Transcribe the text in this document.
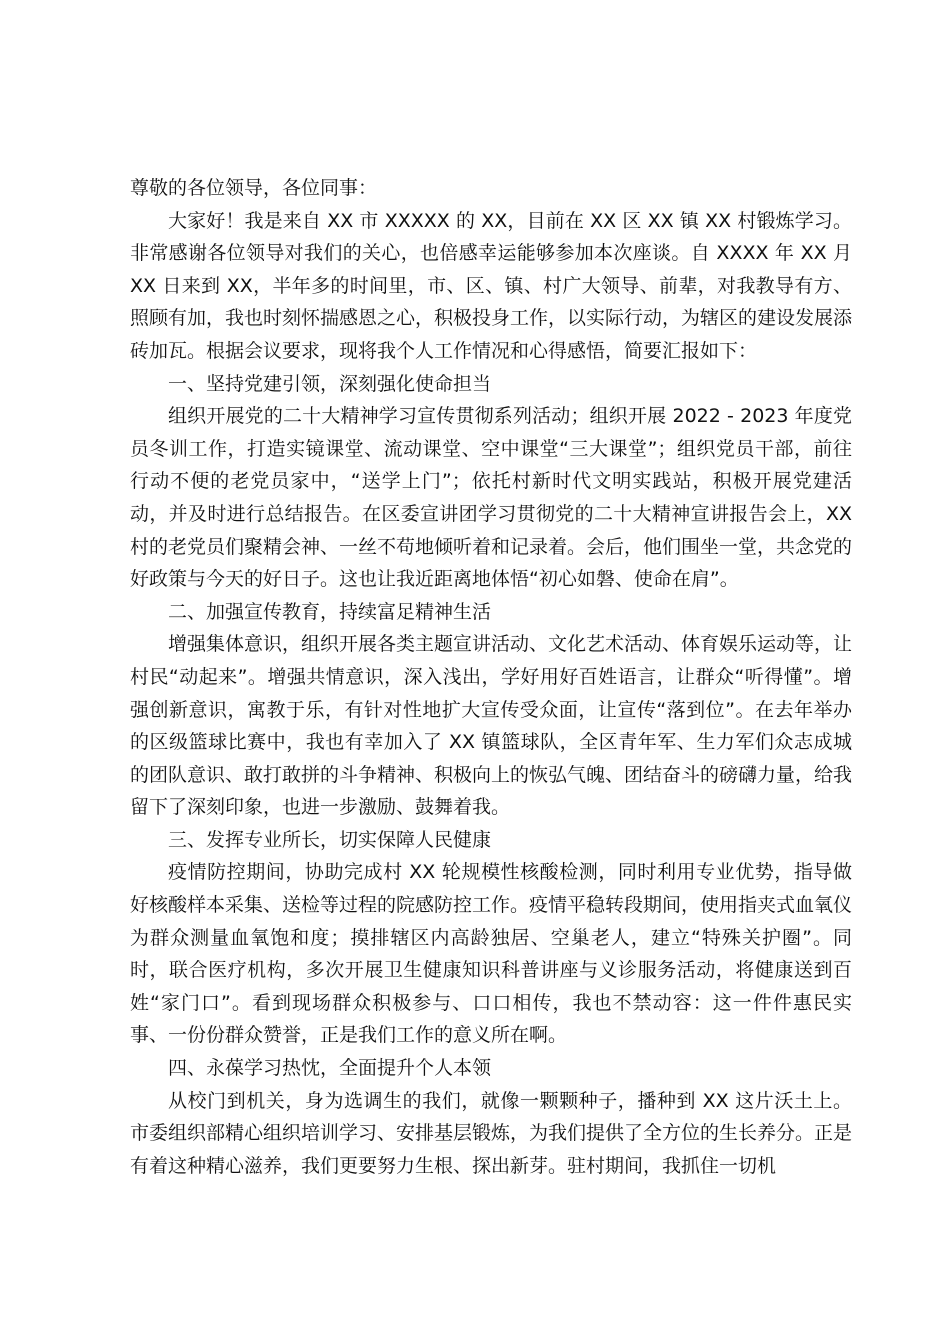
尊敬的各位领导，各位同事：

大家好！我是来自 XX 市 XXXXX 的 XX，目前在 XX 区 XX 镇 XX 村锻炼学习。非常感谢各位领导对我们的关心，也倍感幸运能够参加本次座谈。自 XXXX 年 XX 月 XX 日来到 XX，半年多的时间里，市、区、镇、村广大领导、前辈，对我教导有方、照顾有加，我也时刻怀揣感恩之心，积极投身工作，以实际行动，为辖区的建设发展添砖加瓦。根据会议要求，现将我个人工作情况和心得感悟，简要汇报如下：

一、坚持党建引领，深刻强化使命担当

组织开展党的二十大精神学习宣传贯彻系列活动；组织开展 2022 - 2023 年度党员冬训工作，打造实镜课堂、流动课堂、空中课堂“三大课堂”；组织党员干部，前往行动不便的老党员家中，“送学上门”；依托村新时代文明实践站，积极开展党建活动，并及时进行总结报告。在区委宣讲团学习贯彻党的二十大精神宣讲报告会上，XX 村的老党员们聚精会神、一丝不苟地倾听着和记录着。会后，他们围坐一堂，共念党的好政策与今天的好日子。这也让我近距离地体悟“初心如磐、使命在肩”。

二、加强宣传教育，持续富足精神生活

增强集体意识，组织开展各类主题宣讲活动、文化艺术活动、体育娱乐运动等，让村民“动起来”。增强共情意识，深入浅出，学好用好百姓语言，让群众“听得懂”。增强创新意识，寓教于乐，有针对性地扩大宣传受众面，让宣传“落到位”。在去年举办的区级篮球比赛中，我也有幸加入了 XX 镇篮球队，全区青年军、生力军们众志成城的团队意识、敢打敢拼的斗争精神、积极向上的恢弘气魄、团结奋斗的磅礴力量，给我留下了深刻印象，也进一步激励、鼓舞着我。

三、发挥专业所长，切实保障人民健康

疫情防控期间，协助完成村 XX 轮规模性核酸检测，同时利用专业优势，指导做好核酸样本采集、送检等过程的院感防控工作。疫情平稳转段期间，使用指夹式血氧仪为群众测量血氧饱和度；摸排辖区内高龄独居、空巢老人，建立“特殊关护圈”。同时，联合医疗机构，多次开展卫生健康知识科普讲座与义诊服务活动，将健康送到百姓“家门口”。看到现场群众积极参与、口口相传，我也不禁动容：这一件件惠民实事、一份份群众赞誉，正是我们工作的意义所在啊。

四、永葆学习热忱，全面提升个人本领

从校门到机关，身为选调生的我们，就像一颗颗种子，播种到 XX 这片沃土上。市委组织部精心组织培训学习、安排基层锻炼，为我们提供了全方位的生长养分。正是有着这种精心滋养，我们更要努力生根、探出新芽。驻村期间，我抓住一切机
